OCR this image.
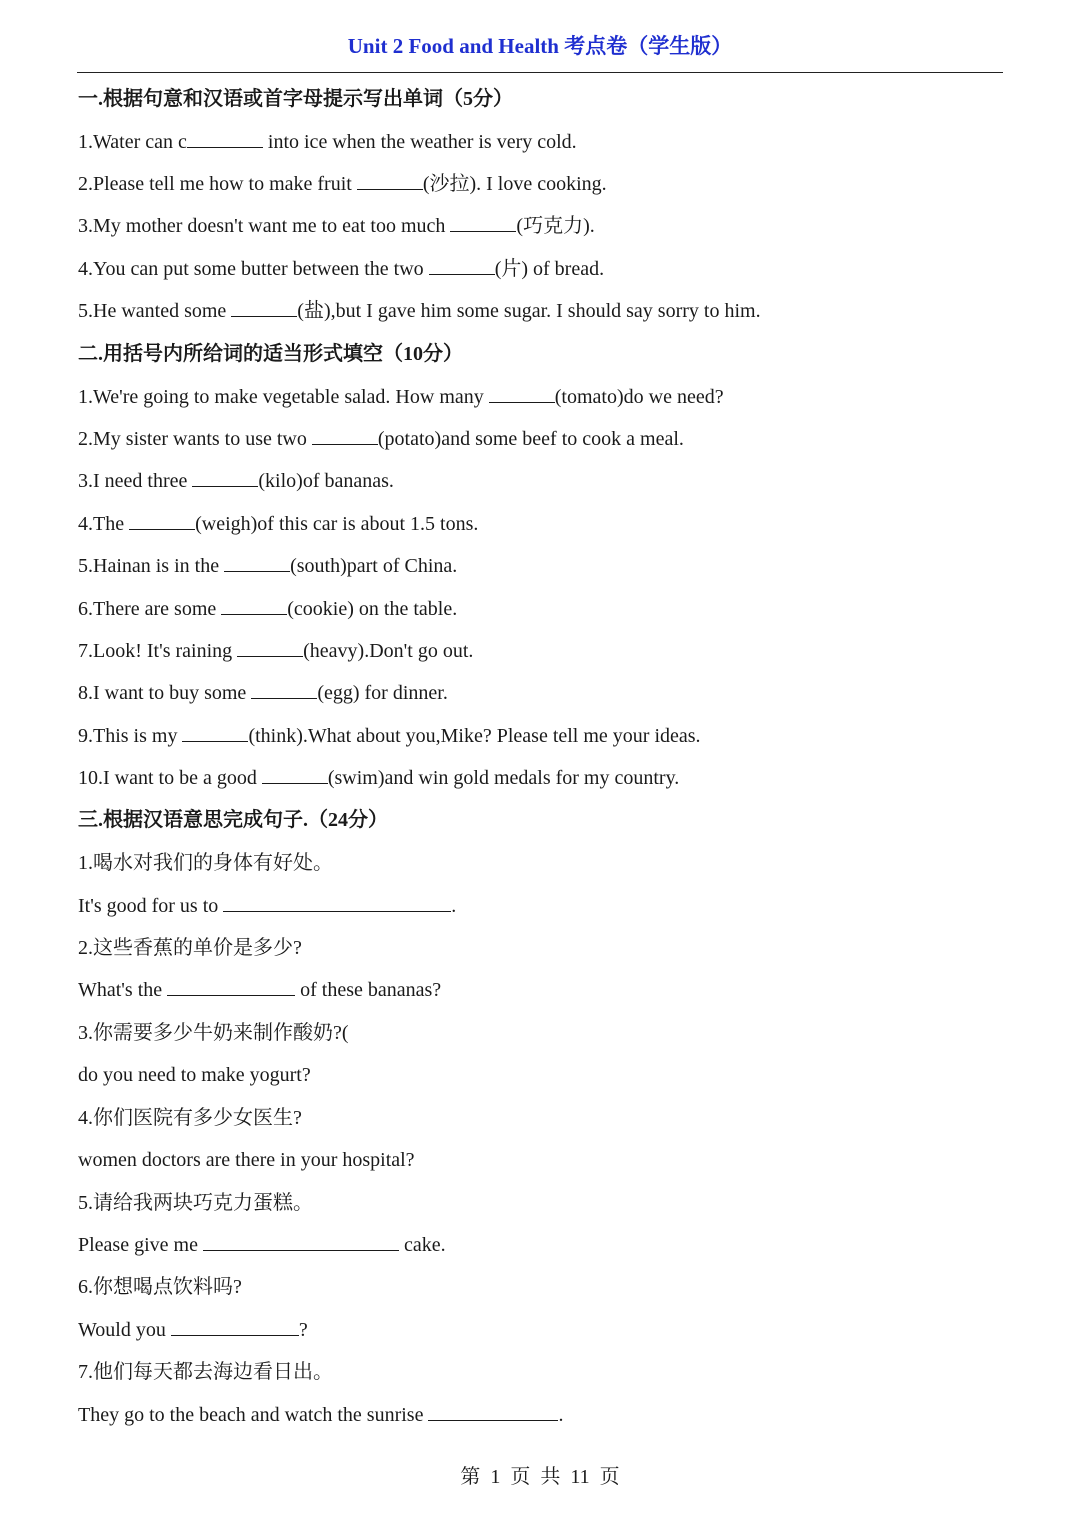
Unit 2 Food and Health 考点卷（学生版）
一.根据句意和汉语或首字母提示写出单词（5分）
1.Water can c	into ice when the weather is very cold.
2.Please tell me how to make fruit	(沙拉). I love cooking.
3.My mother doesn't want me to eat too much	(巧克力).
4.You can put some butter between the two	(片) of bread.
5.He wanted some	(盐),but I gave him some sugar. I should say sorry to him.
二.用括号内所给词的适当形式填空（10分）
1.We're going to make vegetable salad. How many	(tomato)do we need?
2.My sister wants to use two	(potato)and some beef to cook a meal.
3.I need three	(kilo)of bananas.
4.The	(weigh)of this car is about 1.5 tons.
5.Hainan is in the	(south)part of China.
6.There are some	(cookie) on the table.
7.Look! It's raining	(heavy).Don't go out.
8.I want to buy some	(egg) for dinner.
9.This is my	(think).What about you,Mike? Please tell me your ideas.
10.I want to be a good	(swim)and win gold medals for my country.
三.根据汉语意思完成句子.（24分）
1.喝水对我们的身体有好处。
It's good for us to	.
2.这些香蕉的单价是多少?
What's the	of these bananas?
3.你需要多少牛奶来制作酸奶?(
do you need to make yogurt?
4.你们医院有多少女医生?
women doctors are there in your hospital?
5.请给我两块巧克力蛋糕。
Please give me	cake.
6.你想喝点饮料吗?
Would you	?
7.他们每天都去海边看日出。
They go to the beach and watch the sunrise	.
第  1  页  共  11  页
